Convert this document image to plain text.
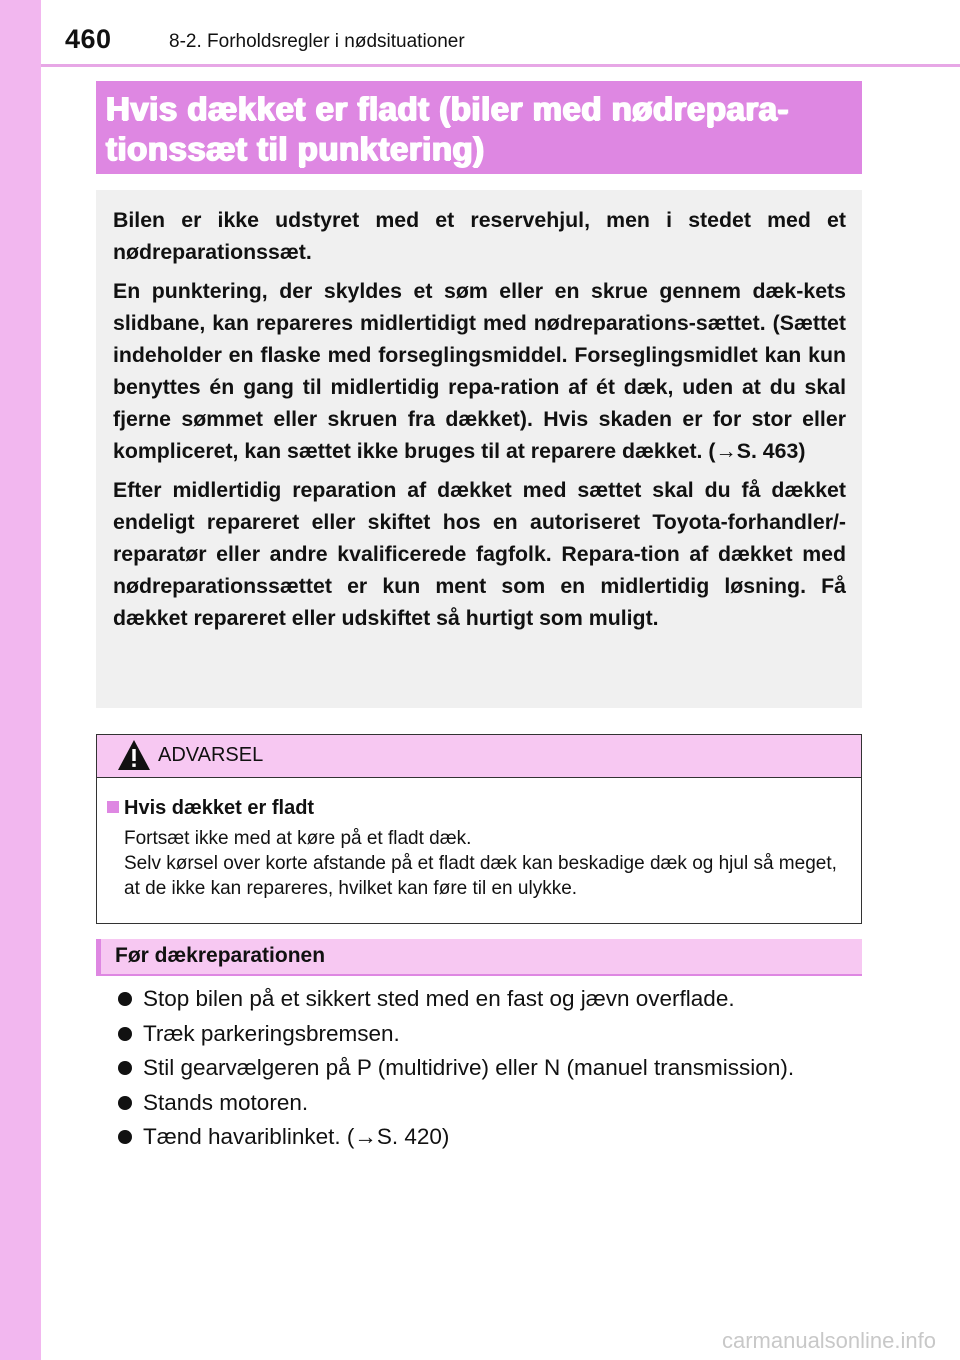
460	8-2. Forholdsregler i nødsituationer
Hvis dækket er fladt (biler med nødrepara-
tionssæt til punktering)

Bilen er ikke udstyret med et reservehjul, men i stedet med et nødreparationssæt.

En punktering, der skyldes et søm eller en skrue gennem dæk-kets slidbane, kan repareres midlertidigt med nødreparations-sættet. (Sættet indeholder en flaske med forseglingsmiddel. Forseglingsmidlet kan kun benyttes én gang til midlertidig repa-ration af ét dæk, uden at du skal fjerne sømmet eller skruen fra dækket). Hvis skaden er for stor eller kompliceret, kan sættet ikke bruges til at reparere dækket. (→S. 463)

Efter midlertidig reparation af dækket med sættet skal du få dækket endeligt repareret eller skiftet hos en autoriseret Toyota-forhandler/-reparatør eller andre kvalificerede fagfolk. Repara-tion af dækket med nødreparationssættet er kun ment som en midlertidig løsning. Få dækket repareret eller udskiftet så hurtigt som muligt.

ADVARSEL
Hvis dækket er fladt

Fortsæt ikke med at køre på et fladt dæk.

Selv kørsel over korte afstande på et fladt dæk kan beskadige dæk og hjul så meget, at de ikke kan repareres, hvilket kan føre til en ulykke.

Før dækreparationen
Stop bilen på et sikkert sted med en fast og jævn overflade.
Træk parkeringsbremsen.
Stil gearvælgeren på P (multidrive) eller N (manuel transmission).
Stands motoren.
Tænd havariblinket. (→S. 420)
carmanualsonline.info
